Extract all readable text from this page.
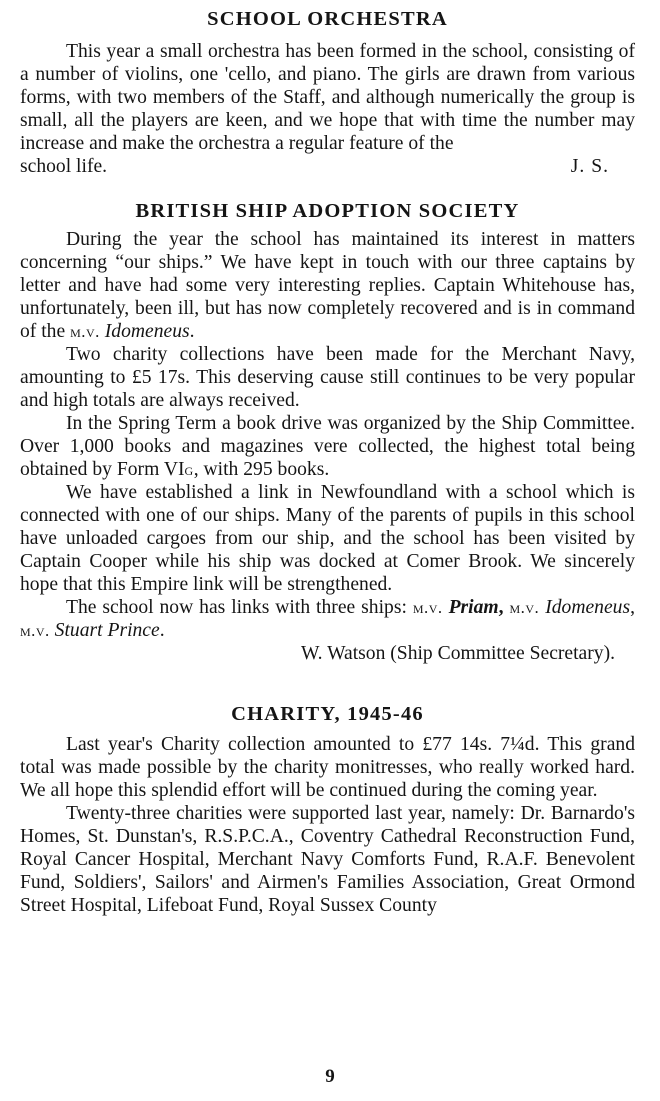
SCHOOL ORCHESTRA

This year a small orchestra has been formed in the school, consisting of a number of violins, one 'cello, and piano. The girls are drawn from various forms, with two members of the Staff, and although numerically the group is small, all the players are keen, and we hope that with time the number may increase and make the orchestra a regular feature of the

school life.	J. S.

BRITISH SHIP ADOPTION SOCIETY

During the year the school has maintained its interest in matters concerning “our ships.” We have kept in touch with our three captains by letter and have had some very interesting replies. Captain Whitehouse has, unfortunately, been ill, but has now completely recovered and is in command of the m.v. Idomeneus.

Two charity collections have been made for the Merchant Navy, amounting to £5 17s. This deserving cause still continues to be very popular and high totals are always received.

In the Spring Term a book drive was organized by the Ship Committee. Over 1,000 books and magazines vere collected, the highest total being obtained by Form VIg, with 295 books.

We have established a link in Newfoundland with a school which is connected with one of our ships. Many of the parents of pupils in this school have unloaded cargoes from our ship, and the school has been visited by Captain Cooper while his ship was docked at Comer Brook. We sincerely hope that this Empire link will be strengthened.

The school now has links with three ships: m.v. Priam, m.v. Idomeneus, m.v. Stuart Prince.

W. Watson (Ship Committee Secretary).

CHARITY, 1945-46

Last year's Charity collection amounted to £77 14s. 7¼d. This grand total was made possible by the charity monitresses, who really worked hard. We all hope this splendid effort will be continued during the coming year.

Twenty-three charities were supported last year, namely: Dr. Barnardo's Homes, St. Dunstan's, R.S.P.C.A., Coventry Cathedral Reconstruction Fund, Royal Cancer Hospital, Merchant Navy Comforts Fund, R.A.F. Benevolent Fund, Soldiers', Sailors' and Airmen's Families Association, Great Ormond Street Hospital, Lifeboat Fund, Royal Sussex County

9
